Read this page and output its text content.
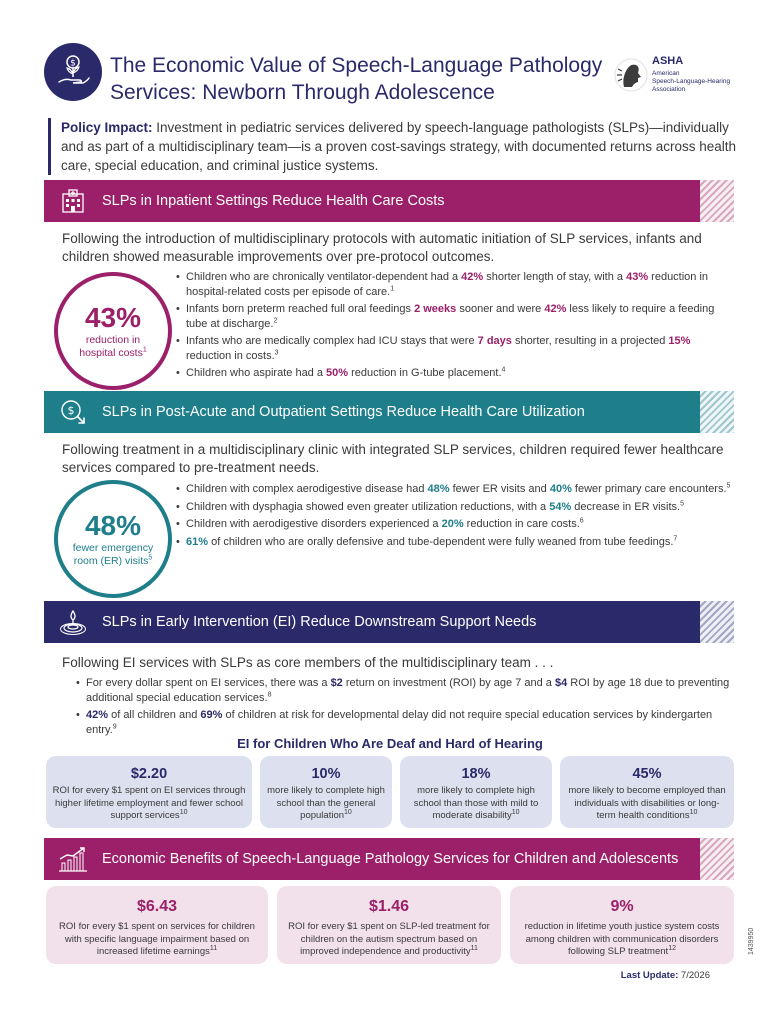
$ The Economic Value of Speech-Language Pathology
Services: Newborn Through Adolescence
ASHA
American
Speech-Language-Hearing
Association
Policy Impact: Investment in pediatric services delivered by speech-language pathologists (SLPs)—individually and as part of a multidisciplinary team—is a proven cost-savings strategy, with documented returns across health care, special education, and criminal justice systems.
SLPs in Inpatient Settings Reduce Health Care Costs
Following the introduction of multidisciplinary protocols with automatic initiation of SLP services, infants and children showed measurable improvements over pre-protocol outcomes.
43%
reduction in
hospital costs$^1$
• Children who are chronically ventilator-dependent had a 42% shorter length of stay, with a 43% reduction in hospital-related costs per episode of care.$^1$
• Infants born preterm reached full oral feedings 2 weeks sooner and were 42% less likely to require a feeding tube at discharge.$^2$
• Infants who are medically complex had ICU stays that were 7 days shorter, resulting in a projected 15% reduction in costs.$^3$
• Children who aspirate had a 50% reduction in G-tube placement.$^4$
$ SLPs in Post-Acute and Outpatient Settings Reduce Health Care Utilization
Following treatment in a multidisciplinary clinic with integrated SLP services, children required fewer healthcare services compared to pre-treatment needs.
48%
fewer emergency
room (ER) visits$^5$
• Children with complex aerodigestive disease had 48% fewer ER visits and 40% fewer primary care encounters.$^5$
• Children with dysphagia showed even greater utilization reductions, with a 54% decrease in ER visits.$^5$
• Children with aerodigestive disorders experienced a 20% reduction in care costs.$^6$
• 61% of children who are orally defensive and tube-dependent were fully weaned from tube feedings.$^7$
SLPs in Early Intervention (EI) Reduce Downstream Support Needs
Following EI services with SLPs as core members of the multidisciplinary team . . .
• For every dollar spent on EI services, there was a $2 return on investment (ROI) by age 7 and a $4 ROI by age 18 due to preventing additional special education services.$^8$
• 42% of all children and 69% of children at risk for developmental delay did not require special education services by kindergarten entry.$^9$
EI for Children Who Are Deaf and Hard of Hearing
$2.20
ROI for every $1 spent on EI services through higher lifetime employment and fewer school support services$^{10}$
10%
more likely to complete high school than the general population$^{10}$
18%
more likely to complete high school than those with mild to moderate disability$^{10}$
45%
more likely to become employed than individuals with disabilities or long-term health conditions$^{10}$
Economic Benefits of Speech-Language Pathology Services for Children and Adolescents
$6.43
ROI for every $1 spent on services for children with specific language impairment based on increased lifetime earnings$^{11}$
$1.46
ROI for every $1 spent on SLP-led treatment for children on the autism spectrum based on improved independence and productivity$^{11}$
9%
reduction in lifetime youth justice system costs among children with communication disorders following SLP treatment$^{12}$
Last Update: 7/2026
1439950
